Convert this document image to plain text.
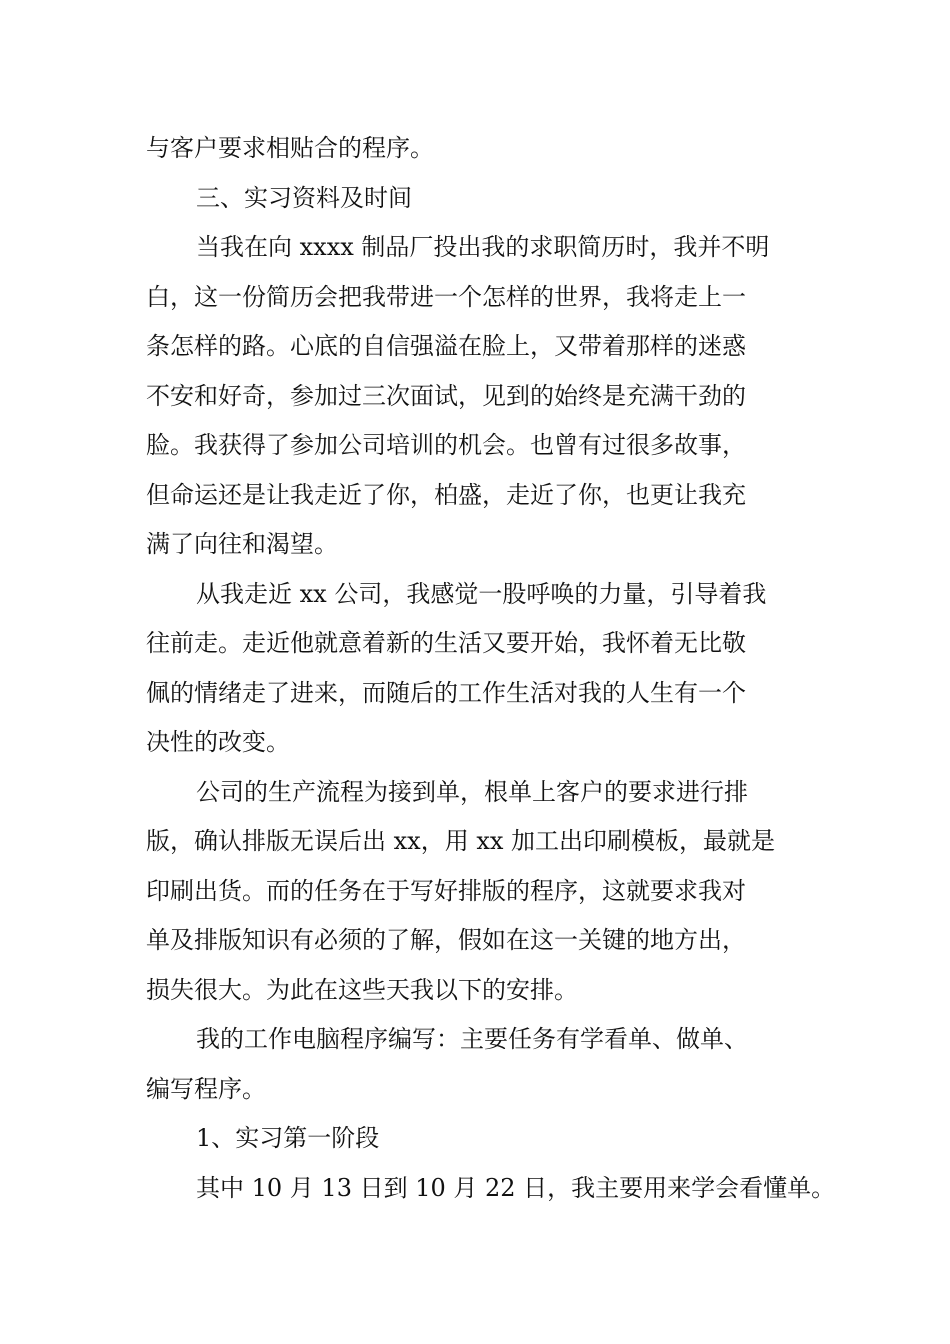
与客户要求相贴合的程序。

三、实习资料及时间

当我在向 xxxx 制品厂投出我的求职简历时，我并不明
白，这一份简历会把我带进一个怎样的世界，我将走上一
条怎样的路。心底的自信强溢在脸上，又带着那样的迷惑
不安和好奇，参加过三次面试，见到的始终是充满干劲的
脸。我获得了参加公司培训的机会。也曾有过很多故事，
但命运还是让我走近了你，柏盛，走近了你，也更让我充
满了向往和渴望。

从我走近 xx 公司，我感觉一股呼唤的力量，引导着我
往前走。走近他就意着新的生活又要开始，我怀着无比敬
佩的情绪走了进来，而随后的工作生活对我的人生有一个
决性的改变。

公司的生产流程为接到单，根单上客户的要求进行排
版，确认排版无误后出 xx，用 xx 加工出印刷模板，最就是
印刷出货。而的任务在于写好排版的程序，这就要求我对
单及排版知识有必须的了解，假如在这一关键的地方出，
损失很大。为此在这些天我以下的安排。

我的工作电脑程序编写：主要任务有学看单、做单、
编写程序。

1、实习第一阶段

其中 10 月 13 日到 10 月 22 日，我主要用来学会看懂单。
